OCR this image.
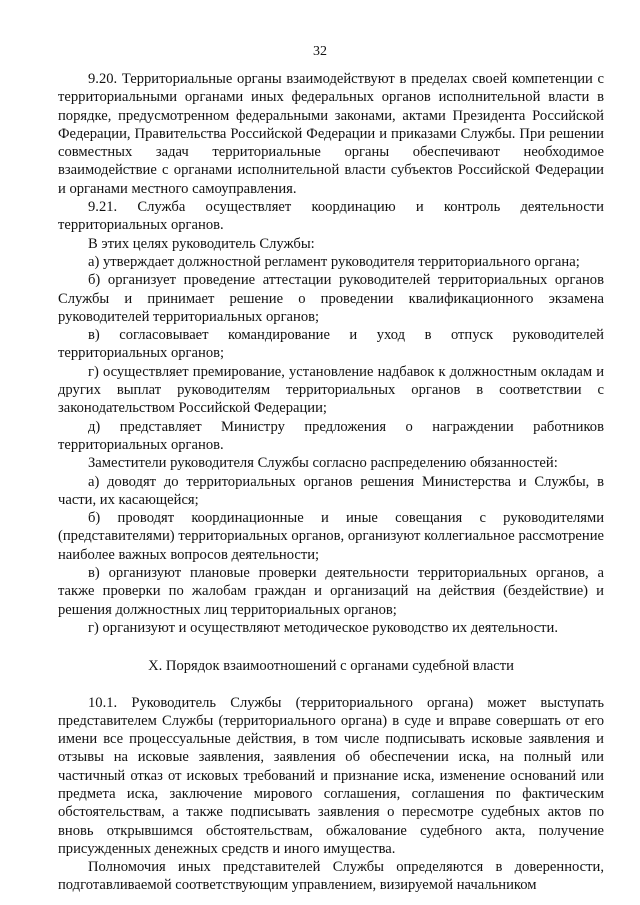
32

9.20. Территориальные органы взаимодействуют в пределах своей компетенции с территориальными органами иных федеральных органов исполнительной власти в порядке, предусмотренном федеральными законами, актами Президента Российской Федерации, Правительства Российской Федерации и приказами Службы. При решении совместных задач территориальные органы обеспечивают необходимое взаимодействие с органами исполнительной власти субъектов Российской Федерации и органами местного самоуправления.

9.21. Служба осуществляет координацию и контроль деятельности территориальных органов.

В этих целях руководитель Службы:

а) утверждает должностной регламент руководителя территориального органа;

б) организует проведение аттестации руководителей территориальных органов Службы и принимает решение о проведении квалификационного экзамена руководителей территориальных органов;

в) согласовывает командирование и уход в отпуск руководителей территориальных органов;

г) осуществляет премирование, установление надбавок к должностным окладам и других выплат руководителям территориальных органов в соответствии с законодательством Российской Федерации;

д) представляет Министру предложения о награждении работников территориальных органов.

Заместители руководителя Службы согласно распределению обязанностей:

а) доводят до территориальных органов решения Министерства и Службы, в части, их касающейся;

б) проводят координационные и иные совещания с руководителями (представителями) территориальных органов, организуют коллегиальное рассмотрение наиболее важных вопросов деятельности;

в) организуют плановые проверки деятельности территориальных органов, а также проверки по жалобам граждан и организаций на действия (бездействие) и решения должностных лиц территориальных органов;

г) организуют и осуществляют методическое руководство их деятельности.

X. Порядок взаимоотношений с органами судебной власти

10.1. Руководитель Службы (территориального органа) может выступать представителем Службы (территориального органа) в суде и вправе совершать от его имени все процессуальные действия, в том числе подписывать исковые заявления и отзывы на исковые заявления, заявления об обеспечении иска, на полный или частичный отказ от исковых требований и признание иска, изменение оснований или предмета иска, заключение мирового соглашения, соглашения по фактическим обстоятельствам, а также подписывать заявления о пересмотре судебных актов по вновь открывшимся обстоятельствам, обжалование судебного акта, получение присужденных денежных средств и иного имущества.

Полномочия иных представителей Службы определяются в доверенности, подготавливаемой соответствующим управлением, визируемой начальником
